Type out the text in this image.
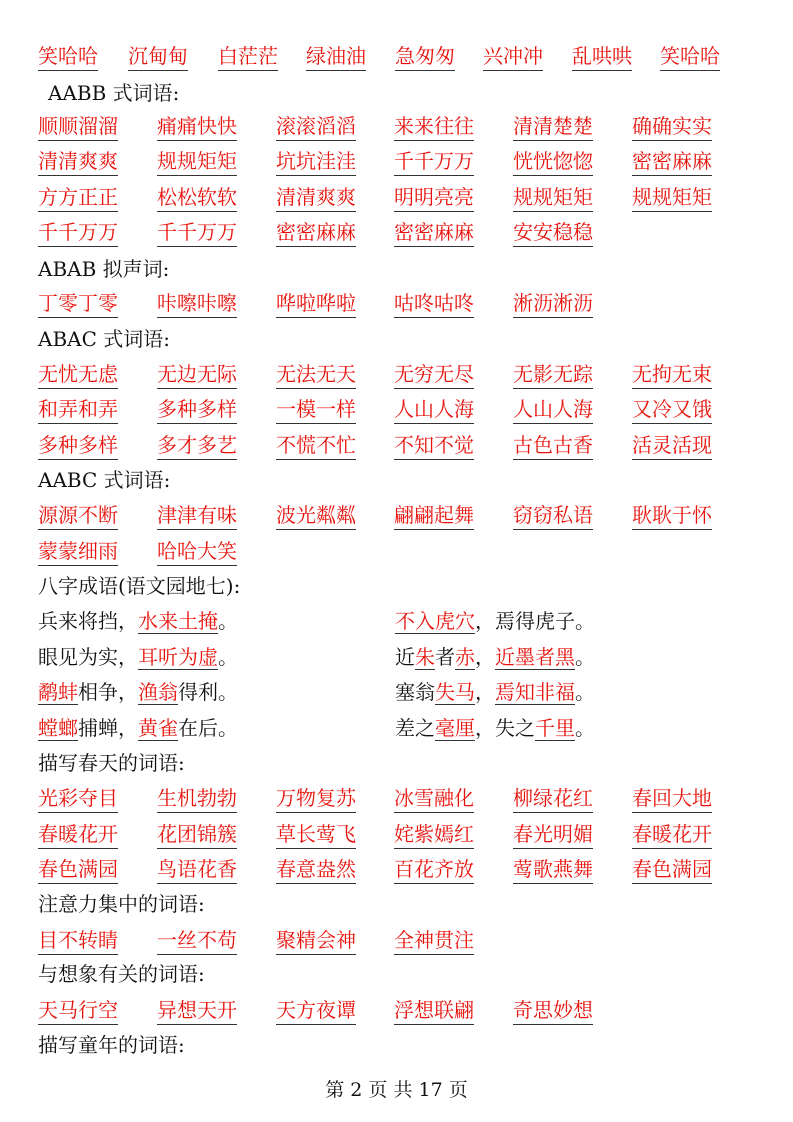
笑哈哈 沉甸甸 白茫茫 绿油油 急匆匆 兴冲冲 乱哄哄 笑哈哈
AABB 式词语:
顺顺溜溜 痛痛快快 滚滚滔滔 来来往往 清清楚楚 确确实实
清清爽爽 规规矩矩 坑坑洼洼 千千万万 恍恍惚惚 密密麻麻
方方正正 松松软软 清清爽爽 明明亮亮 规规矩矩 规规矩矩
千千万万 千千万万 密密麻麻 密密麻麻 安安稳稳
ABAB 拟声词:
丁零丁零 咔嚓咔嚓 哗啦哗啦 咕咚咕咚 淅沥淅沥
ABAC 式词语:
无忧无虑 无边无际 无法无天 无穷无尽 无影无踪 无拘无束
和弄和弄 多种多样 一模一样 人山人海 人山人海 又冷又饿
多种多样 多才多艺 不慌不忙 不知不觉 古色古香 活灵活现
AABC 式词语:
源源不断 津津有味 波光粼粼 翩翩起舞 窃窃私语 耿耿于怀
蒙蒙细雨 哈哈大笑
八字成语(语文园地七):
兵来将挡，水来土掩。	不入虎穴，焉得虎子。
眼见为实，耳听为虚。	近朱者赤，近墨者黑。
鹬蚌相争，渔翁得利。	塞翁失马，焉知非福。
螳螂捕蝉，黄雀在后。	差之毫厘，失之千里。
描写春天的词语:
光彩夺目 生机勃勃 万物复苏 冰雪融化 柳绿花红 春回大地
春暖花开 花团锦簇 草长莺飞 姹紫嫣红 春光明媚 春暖花开
春色满园 鸟语花香 春意盎然 百花齐放 莺歌燕舞 春色满园
注意力集中的词语:
目不转睛 一丝不苟 聚精会神 全神贯注
与想象有关的词语:
天马行空 异想天开 天方夜谭 浮想联翩 奇思妙想
描写童年的词语:
第 2 页 共 17 页
